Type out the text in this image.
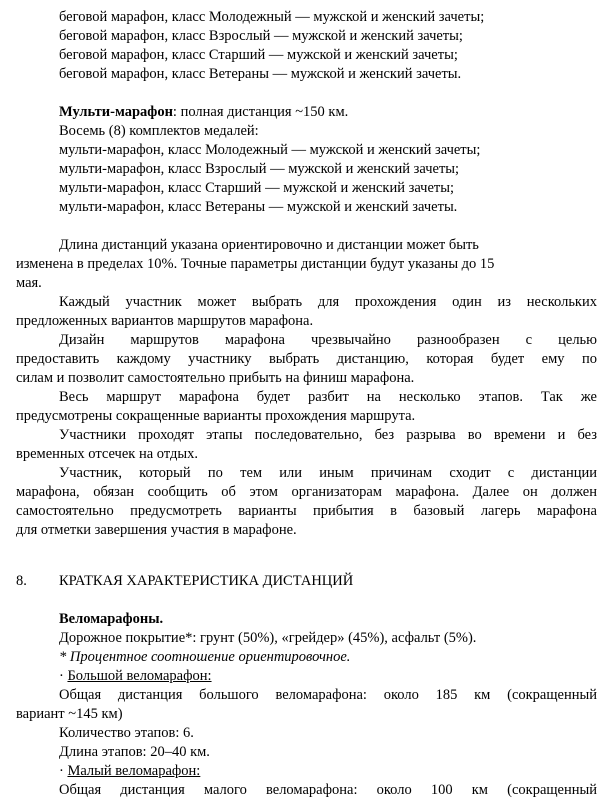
беговой марафон, класс Молодежный — мужской и женский зачеты;
беговой марафон, класс Взрослый — мужской и женский зачеты;
беговой марафон, класс Старший — мужской и женский зачеты;
беговой марафон, класс Ветераны — мужской и женский зачеты.
Мульти-марафон: полная дистанция ~150 км.
Восемь (8) комплектов медалей:
мульти-марафон, класс Молодежный — мужской и женский зачеты;
мульти-марафон, класс Взрослый — мужской и женский зачеты;
мульти-марафон, класс Старший — мужской и женский зачеты;
мульти-марафон, класс Ветераны — мужской и женский зачеты.
Длина дистанций указана ориентировочно и дистанции может быть
изменена в пределах 10%. Точные параметры дистанции будут указаны до 15
мая.
Каждый участник может выбрать для прохождения один из нескольких
предложенных вариантов маршрутов марафона.
Дизайн маршрутов марафона чрезвычайно разнообразен с целью
предоставить каждому участнику выбрать дистанцию, которая будет ему по
силам и позволит самостоятельно прибыть на финиш марафона.
Весь маршрут марафона будет разбит на несколько этапов. Так же
предусмотрены сокращенные варианты прохождения маршрута.
Участники проходят этапы последовательно, без разрыва во времени и без
временных отсечек на отдых.
Участник, который по тем или иным причинам сходит с дистанции
марафона, обязан сообщить об этом организаторам марафона. Далее он должен
самостоятельно предусмотреть варианты прибытия в базовый лагерь марафона
для отметки завершения участия в марафоне.
8. КРАТКАЯ ХАРАКТЕРИСТИКА ДИСТАНЦИЙ
Веломарафоны.
Дорожное покрытие*: грунт (50%), «грейдер» (45%), асфальт (5%).
* Процентное соотношение ориентировочное.
· Большой веломарафон:
Общая дистанция большого веломарафона: около 185 км (сокращенный
вариант ~145 км)
Количество этапов: 6.
Длина этапов: 20–40 км.
· Малый веломарафон:
Общая дистанция малого веломарафона: около 100 км (сокращенный
